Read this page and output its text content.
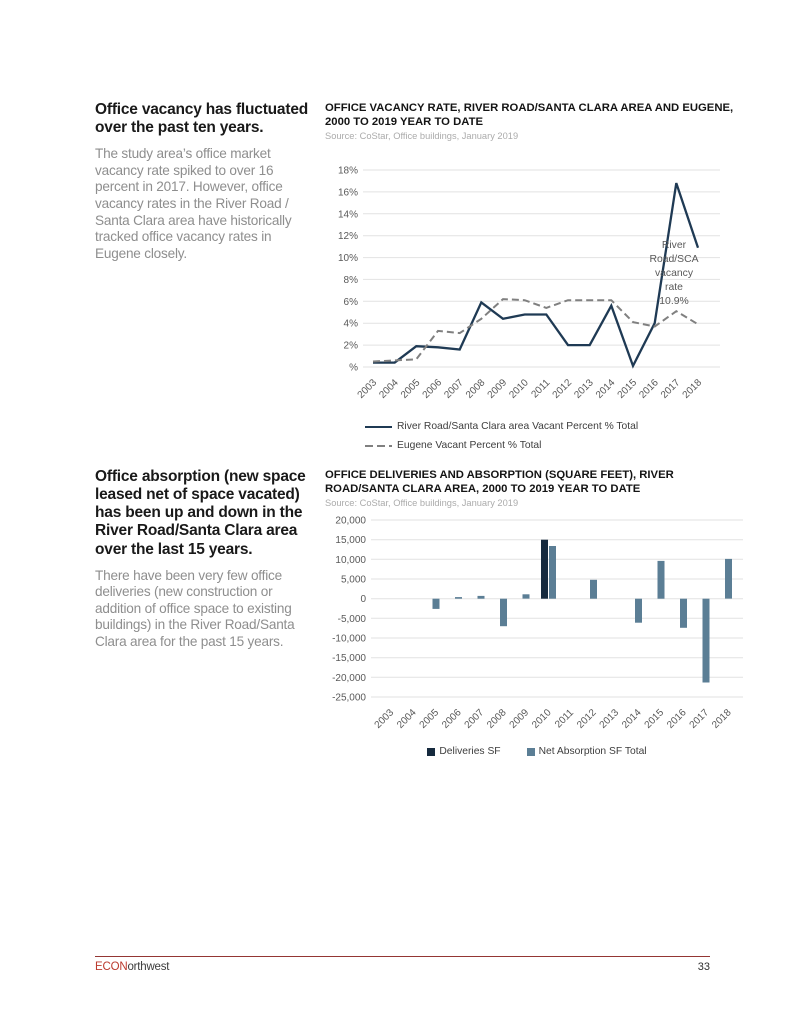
Office vacancy has fluctuated over the past ten years.

The study area’s office market vacancy rate spiked to over 16 percent in 2017. However, office vacancy rates in the River Road / Santa Clara area have historically tracked office vacancy rates in Eugene closely.

OFFICE VACANCY RATE, RIVER ROAD/SANTA CLARA AREA AND EUGENE, 2000 TO 2019 YEAR TO DATE
Source: CoStar, Office buildings, January 2019
%
2%
4%
6%
8%
10%
12%
14%
16%
18%
2003
2004
2005
2006
2007
2008
2009
2010
2011
2012
2013
2014
2015
2016
2017
2018
River
Road/SCA
vacancy
rate
10.9%
River Road/Santa Clara area Vacant Percent % Total
Eugene Vacant Percent % Total
Office absorption (new space leased net of space vacated) has been up and down in the River Road/Santa Clara area over the last 15 years.

There have been very few office deliveries (new construction or addition of office space to existing buildings) in the River Road/Santa Clara area for the past 15 years.

OFFICE DELIVERIES AND ABSORPTION (SQUARE FEET), RIVER ROAD/SANTA CLARA AREA, 2000 TO 2019 YEAR TO DATE
Source: CoStar, Office buildings, January 2019
20,000
15,000
10,000
5,000
0
-5,000
-10,000
-15,000
-20,000
-25,000
2003
2004
2005
2006
2007
2008
2009
2010 2011
2012
2013
2014
2015
2016
2017
2018
Deliveries SF	Net Absorption SF Total
ECONorthwest	33
